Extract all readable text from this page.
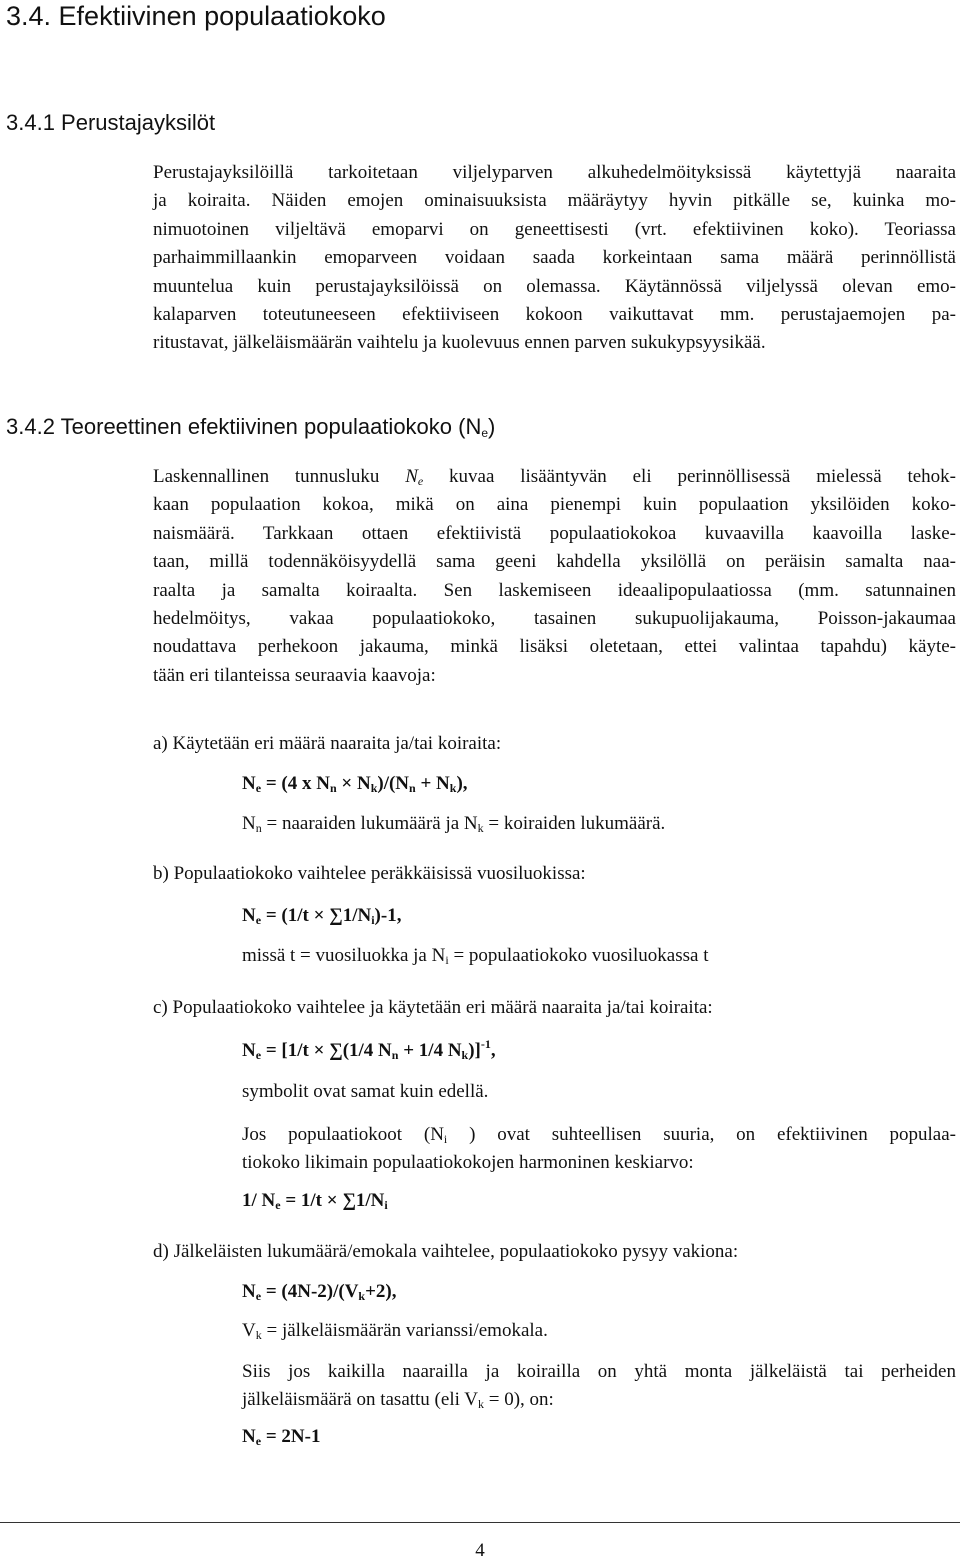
3.4. Efektiivinen populaatiokoko
3.4.1 Perustajayksilöt
Perustajayksilöillä tarkoitetaan viljelyparven alkuhedelmöityksissä käytettyjä naaraita
ja koiraita. Näiden emojen ominaisuuksista määräytyy hyvin pitkälle se, kuinka mo-
nimuotoinen viljeltävä emoparvi on geneettisesti (vrt. efektiivinen koko). Teoriassa
parhaimmillaankin emoparveen voidaan saada korkeintaan sama määrä perinnöllistä
muuntelua kuin perustajayksilöissä on olemassa. Käytännössä viljelyssä olevan emo-
kalaparven toteutuneeseen efektiiviseen kokoon vaikuttavat mm. perustajaemojen pa-
ritustavat, jälkeläismäärän vaihtelu ja kuolevuus ennen parven sukukypsyysikää.
3.4.2 Teoreettinen efektiivinen populaatiokoko $(N_e)$
Laskennallinen tunnusluku $N_e$ kuvaa lisääntyvän eli perinnöllisessä mielessä tehok-
kaan populaation kokoa, mikä on aina pienempi kuin populaation yksilöiden koko-
naismäärä. Tarkkaan ottaen efektiivistä populaatiokokoa kuvaavilla kaavoilla laske-
taan, millä todennäköisyydellä sama geeni kahdella yksilöllä on peräisin samalta naa-
raalta ja samalta koiraalta. Sen laskemiseen ideaalipopulaatiossa (mm. satunnainen
hedelmöitys, vakaa populaatiokoko, tasainen sukupuolijakauma, Poisson-jakaumaa
noudattava perhekoon jakauma, minkä lisäksi oletetaan, ettei valintaa tapahdu) käyte-
tään eri tilanteissa seuraavia kaavoja:
a) Käytetään eri määrä naaraita ja/tai koiraita:
$N_e = (4$ x $N_n \times N_k)/(N_n + N_k)$,
$N_n$ = naaraiden lukumäärä ja $N_k$ = koiraiden lukumäärä.
b) Populaatiokoko vaihtelee peräkkäisissä vuosiluokissa:
$N_e = (1/t \times \sum 1/N_i)-1$,
missä t = vuosiluokka ja $N_i$ = populaatiokoko vuosiluokassa t
c) Populaatiokoko vaihtelee ja käytetään eri määrä naaraita ja/tai koiraita:
$N_e = [1/t \times \sum(1/4$ $N_n + 1/4$ $N_k)]^{-1}$,
symbolit ovat samat kuin edellä.
Jos populaatiokoot ($N_i$ ) ovat suhteellisen suuria, on efektiivinen populaa-
tiokoko likimain populaatiokokojen harmoninen keskiarvo:
1/ $N_e = 1/t \times \sum 1/N_i$
d) Jälkeläisten lukumäärä/emokala vaihtelee, populaatiokoko pysyy vakiona:
$N_e = (4N-2)/(V_k+2)$,
$V_k$ = jälkeläismäärän varianssi/emokala.
Siis jos kaikilla naarailla ja koirailla on yhtä monta jälkeläistä tai perheiden
jälkeläismäärä on tasattu (eli $V_k = 0$), on:
$N_e = 2N-1$
4
